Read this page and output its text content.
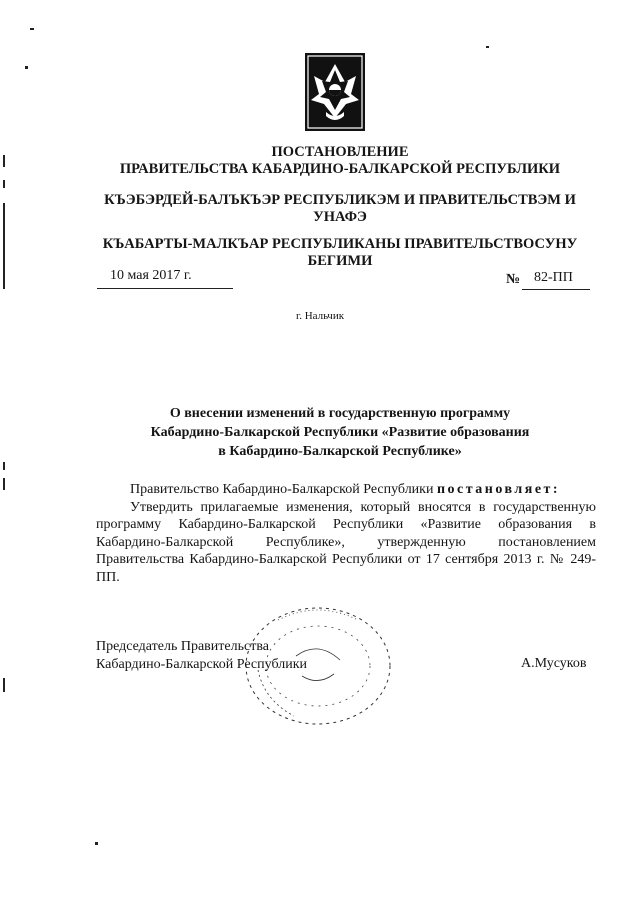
ПОСТАНОВЛЕНИЕ
ПРАВИТЕЛЬСТВА КАБАРДИНО-БАЛКАРСКОЙ РЕСПУБЛИКИ
КЪЭБЭРДЕЙ-БАЛЪКЪЭР РЕСПУБЛИКЭМ И ПРАВИТЕЛЬСТВЭМ И УНАФЭ
КЪАБАРТЫ-МАЛКЪАР РЕСПУБЛИКАНЫ ПРАВИТЕЛЬСТВОСУНУ БЕГИМИ
10 мая 2017 г.	№ 82-ПП
г. Нальчик
О внесении изменений в государственную программу
Кабардино-Балкарской Республики «Развитие образования
в Кабардино-Балкарской Республике»

Правительство Кабардино-Балкарской Республики постановляет:

Утвердить прилагаемые изменения, который вносятся в государственную программу Кабардино-Балкарской Республики «Развитие образования в Кабардино-Балкарской Республике», утвержденную постановлением Правительства Кабардино-Балкарской Республики от 17 сентября 2013 г. № 249-ПП.

Председатель Правительства
Кабардино-Балкарской Республики	А.Мусуков
